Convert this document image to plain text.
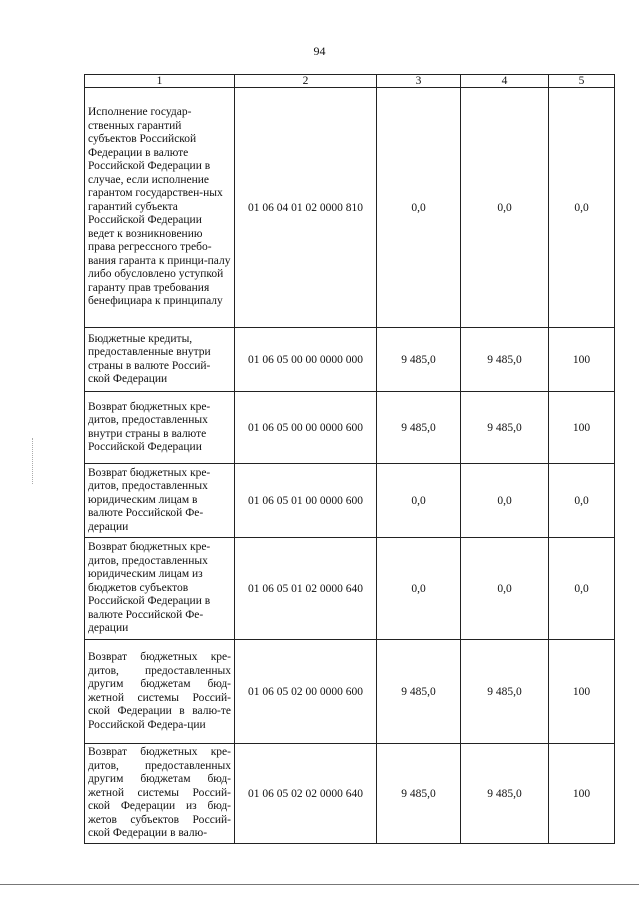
94
1	2	3	4	5
Исполнение государ-ственных гарантий субъектов Российской Федерации в валюте Российской Федерации в случае, если исполнение гарантом государствен-ных гарантий субъекта Российской Федерации ведет к возникновению права регрессного требо-вания гаранта к принци-палу либо обусловлено уступкой гаранту прав требования бенефициара к принципалу	01 06 04 01 02 0000 810	0,0	0,0	0,0
Бюджетные кредиты, предоставленные внутри страны в валюте Россий-ской Федерации	01 06 05 00 00 0000 000	9 485,0	9 485,0	100
Возврат бюджетных кре-дитов, предоставленных внутри страны в валюте Российской Федерации	01 06 05 00 00 0000 600	9 485,0	9 485,0	100
Возврат бюджетных кре-дитов, предоставленных юридическим лицам в валюте Российской Фе-дерации	01 06 05 01 00 0000 600	0,0	0,0	0,0
Возврат бюджетных кре-дитов, предоставленных юридическим лицам из бюджетов субъектов Российской Федерации в валюте Российской Фе-дерации	01 06 05 01 02 0000 640	0,0	0,0	0,0
Возврат бюджетных кре-дитов, предоставленных другим бюджетам бюд-жетной системы Россий-ской Федерации в валю-те Российской Федера-ции	01 06 05 02 00 0000 600	9 485,0	9 485,0	100
Возврат бюджетных кре-дитов, предоставленных другим бюджетам бюд-жетной системы Россий-ской Федерации из бюд-жетов субъектов Россий-ской Федерации в валю-	01 06 05 02 02 0000 640	9 485,0	9 485,0	100
